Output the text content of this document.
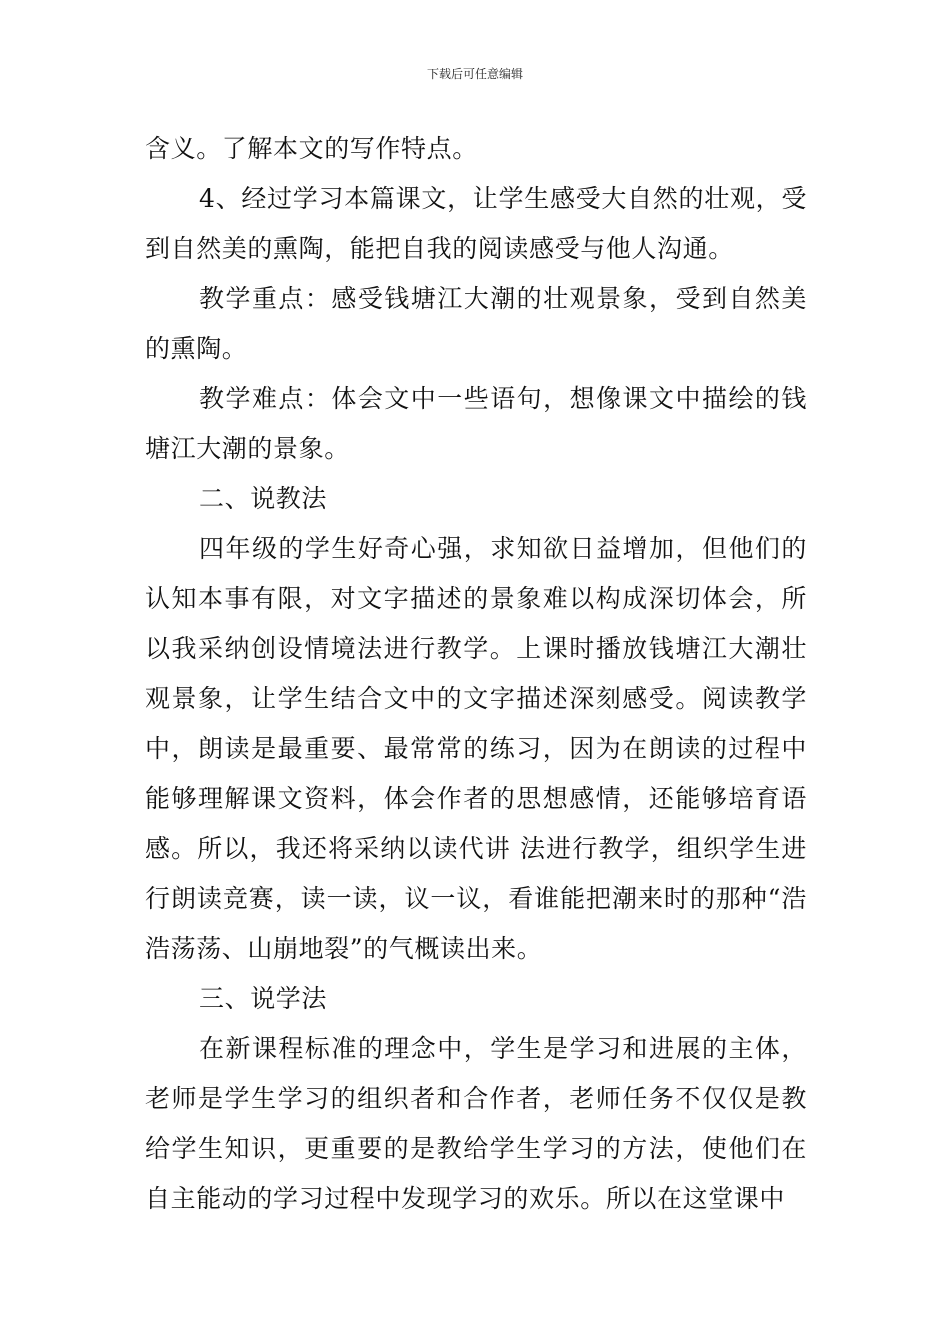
下载后可任意编辑

含义。了解本文的写作特点。

4、经过学习本篇课文，让学生感受大自然的壮观，受到自然美的熏陶，能把自我的阅读感受与他人沟通。

教学重点：感受钱塘江大潮的壮观景象，受到自然美的熏陶。

教学难点：体会文中一些语句，想像课文中描绘的钱塘江大潮的景象。

二、说教法

四年级的学生好奇心强，求知欲日益增加，但他们的认知本事有限，对文字描述的景象难以构成深切体会，所以我采纳创设情境法进行教学。上课时播放钱塘江大潮壮观景象，让学生结合文中的文字描述深刻感受。阅读教学中，朗读是最重要、最常常的练习，因为在朗读的过程中能够理解课文资料，体会作者的思想感情，还能够培育语感。所以，我还将采纳以读代讲 法进行教学，组织学生进行朗读竞赛，读一读，议一议，看谁能把潮来时的那种“浩浩荡荡、山崩地裂”的气概读出来。

三、说学法

在新课程标准的理念中，学生是学习和进展的主体，老师是学生学习的组织者和合作者，老师任务不仅仅是教给学生知识，更重要的是教给学生学习的方法，使他们在自主能动的学习过程中发现学习的欢乐。所以在这堂课中
